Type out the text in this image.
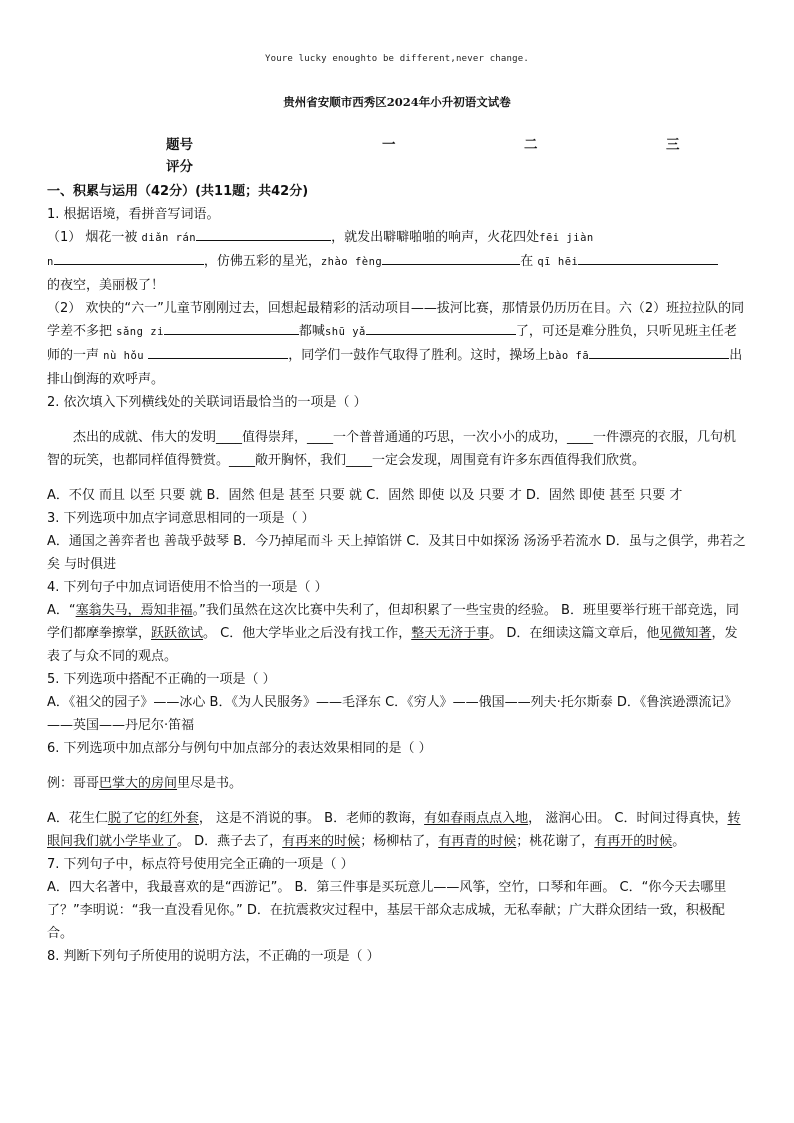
Youre lucky enoughto be different,never change.
贵州省安顺市西秀区2024年小升初语文试卷
题号	一	二	三
评分

一、积累与运用（42分）(共11题；共42分)

1. 根据语境，看拼音写词语。

（1） 烟花一被 diǎn rán	，就发出噼噼啪啪的响声，火花四处fēi jiàn
n	，仿佛五彩的星光，zhào fèng	在 qī hēi
的夜空，美丽极了！

（2） 欢快的“六一”儿童节刚刚过去，回想起最精彩的活动项目——拔河比赛，那情景仍历历在目。六（2）班拉拉队的同学差不多把 sǎng zi	都喊shū yǎ	了，可还是难分胜负，只听见班主任老师的一声 nù hǒu	，同学们一鼓作气取得了胜利。这时，操场上bào fā	出排山倒海的欢呼声。

2. 依次填入下列横线处的关联词语最恰当的一项是（ ）

杰出的成就、伟大的发明____值得崇拜，____一个普普通通的巧思，一次小小的成功，____一件漂亮的衣服，几句机智的玩笑，也都同样值得赞赏。____敞开胸怀，我们____一定会发现，周围竟有许多东西值得我们欣赏。

A．不仅 而且 以至 只要 就 B．固然 但是 甚至 只要 就 C．固然 即使 以及 只要 才 D．固然 即使 甚至 只要 才

3. 下列选项中加点字词意思相同的一项是（ ）

A．通国之善弈者也 善哉乎鼓琴 B．今乃掉尾而斗 天上掉馅饼 C．及其日中如探汤 汤汤乎若流水 D．虽与之俱学，弗若之矣 与时俱进

4. 下列句子中加点词语使用不恰当的一项是（ ）

A．“塞翁失马，焉知非福。”我们虽然在这次比赛中失利了，但却积累了一些宝贵的经验。 B．班里要举行班干部竞选，同学们都摩拳擦掌，跃跃欲试。 C．他大学毕业之后没有找工作，整天无济于事。 D．在细读这篇文章后，他见微知著，发表了与众不同的观点。

5. 下列选项中搭配不正确的一项是（ ）

A．《祖父的园子》——冰心 B．《为人民服务》——毛泽东 C．《穷人》——俄国——列夫·托尔斯泰 D．《鲁滨逊漂流记》——英国——丹尼尔·笛福

6. 下列选项中加点部分与例句中加点部分的表达效果相同的是（ ）

例：哥哥巴掌大的房间里尽是书。

A．花生仁脱了它的红外套， 这是不消说的事。 B．老师的教诲，有如春雨点点入地， 滋润心田。 C．时间过得真快，转眼间我们就小学毕业了。 D．燕子去了，有再来的时候；杨柳枯了，有再青的时候；桃花谢了，有再开的时候。

7. 下列句子中，标点符号使用完全正确的一项是（ ）

A．四大名著中，我最喜欢的是“西游记”。 B．第三件事是买玩意儿——风筝，空竹，口琴和年画。 C．“你今天去哪里了？”李明说：“我一直没看见你。” D．在抗震救灾过程中，基层干部众志成城，无私奉献；广大群众团结一致，积极配合。

8. 判断下列句子所使用的说明方法，不正确的一项是（ ）
